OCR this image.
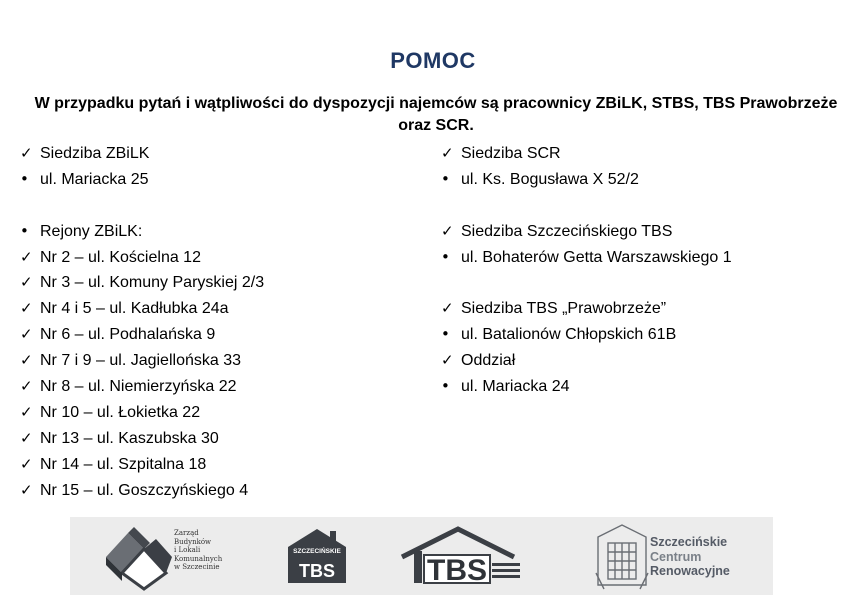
POMOC
W przypadku pytań i wątpliwości do dyspozycji najemców są pracownicy ZBiLK, STBS, TBS Prawobrzeże oraz SCR.
✓ Siedziba ZBiLK
• ul. Mariacka 25
• Rejony ZBiLK:
✓ Nr 2 – ul. Kościelna 12
✓ Nr 3 – ul. Komuny Paryskiej 2/3
✓ Nr 4 i 5 – ul. Kadłubka 24a
✓ Nr 6 – ul. Podhalańska 9
✓ Nr 7 i 9 – ul. Jagiellońska 33
✓ Nr 8 – ul. Niemierzyńska 22
✓ Nr 10 – ul. Łokietka 22
✓ Nr 13 – ul. Kaszubska 30
✓ Nr 14 – ul. Szpitalna 18
✓ Nr 15 – ul. Goszczyńskiego 4
✓ Siedziba SCR
• ul. Ks. Bogusława X 52/2
✓ Siedziba Szczecińskiego TBS
• ul. Bohaterów Getta Warszawskiego 1
✓ Siedziba TBS „Prawobrzeże”
• ul. Batalionów Chłopskich 61B
✓ Oddział
• ul. Mariacka 24
Zarząd
Budynków
i Lokali
Komunalnych
w Szczecinie
SZCZECIŃSKIE
TBS	TBS
Szczecińskie
Centrum
Renowacyjne
